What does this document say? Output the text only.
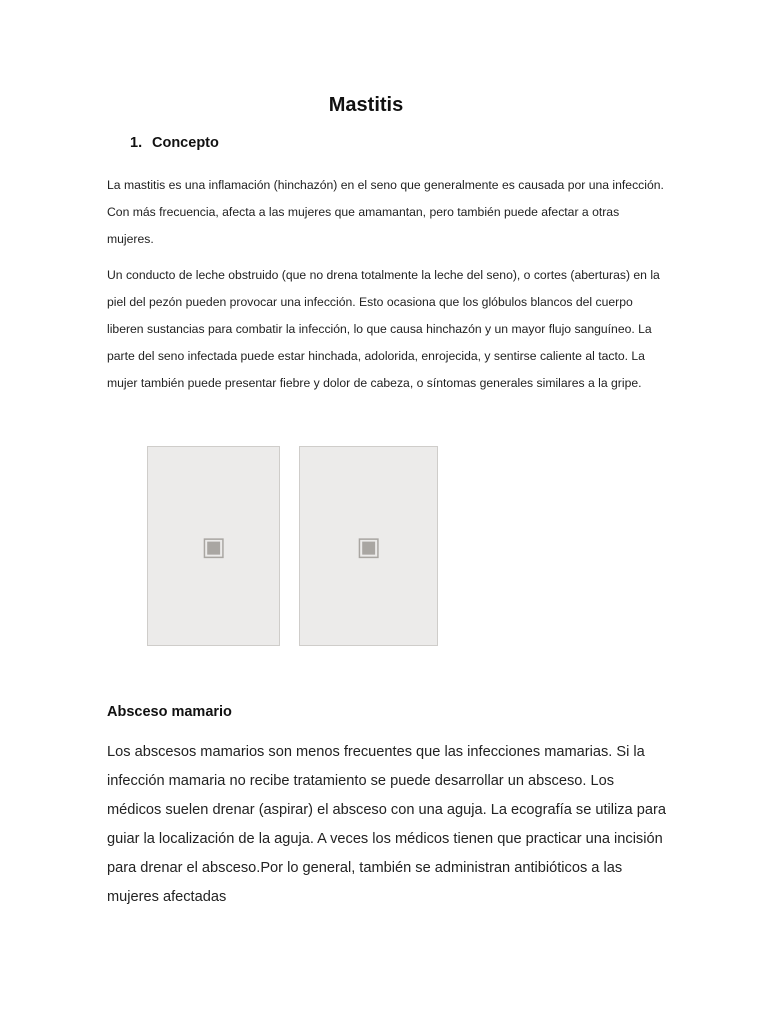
Mastitis
1. Concepto

La mastitis es una inflamación (hinchazón) en el seno que generalmente es causada por una infección. Con más frecuencia, afecta a las mujeres que amamantan, pero también puede afectar a otras mujeres.

Un conducto de leche obstruido (que no drena totalmente la leche del seno), o cortes (aberturas) en la piel del pezón pueden provocar una infección. Esto ocasiona que los glóbulos blancos del cuerpo liberen sustancias para combatir la infección, lo que causa hinchazón y un mayor flujo sanguíneo. La parte del seno infectada puede estar hinchada, adolorida, enrojecida, y sentirse caliente al tacto. La mujer también puede presentar fiebre y dolor de cabeza, o síntomas generales similares a la gripe.

▣	▣
Absceso mamario

Los abscesos mamarios son menos frecuentes que las infecciones mamarias. Si la infección mamaria no recibe tratamiento se puede desarrollar un absceso. Los médicos suelen drenar (aspirar) el absceso con una aguja. La ecografía se utiliza para guiar la localización de la aguja. A veces los médicos tienen que practicar una incisión para drenar el absceso.Por lo general, también se administran antibióticos a las mujeres afectadas
